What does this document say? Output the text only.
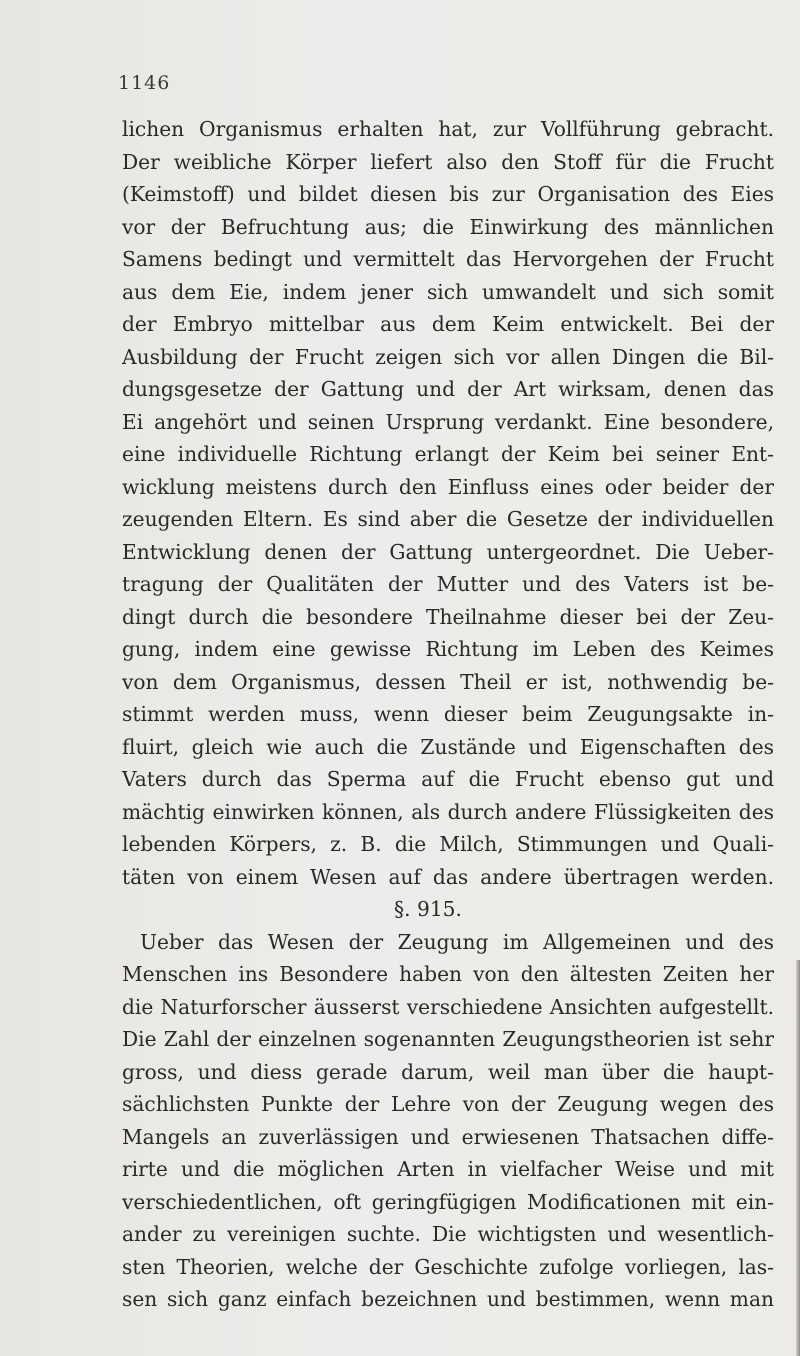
1146
lichen Organismus erhalten hat, zur Vollführung gebracht.
Der weibliche Körper liefert also den Stoff für die Frucht
(Keimstoff) und bildet diesen bis zur Organisation des Eies
vor der Befruchtung aus; die Einwirkung des männlichen
Samens bedingt und vermittelt das Hervorgehen der Frucht
aus dem Eie, indem jener sich umwandelt und sich somit
der Embryo mittelbar aus dem Keim entwickelt. Bei der
Ausbildung der Frucht zeigen sich vor allen Dingen die Bil-
dungsgesetze der Gattung und der Art wirksam, denen das
Ei angehört und seinen Ursprung verdankt. Eine besondere,
eine individuelle Richtung erlangt der Keim bei seiner Ent-
wicklung meistens durch den Einfluss eines oder beider der
zeugenden Eltern. Es sind aber die Gesetze der individuellen
Entwicklung denen der Gattung untergeordnet. Die Ueber-
tragung der Qualitäten der Mutter und des Vaters ist be-
dingt durch die besondere Theilnahme dieser bei der Zeu-
gung, indem eine gewisse Richtung im Leben des Keimes
von dem Organismus, dessen Theil er ist, nothwendig be-
stimmt werden muss, wenn dieser beim Zeugungsakte in-
fluirt, gleich wie auch die Zustände und Eigenschaften des
Vaters durch das Sperma auf die Frucht ebenso gut und
mächtig einwirken können, als durch andere Flüssigkeiten des
lebenden Körpers, z. B. die Milch, Stimmungen und Quali-
täten von einem Wesen auf das andere übertragen werden.
§. 915.
Ueber das Wesen der Zeugung im Allgemeinen und des
Menschen ins Besondere haben von den ältesten Zeiten her
die Naturforscher äusserst verschiedene Ansichten aufgestellt.
Die Zahl der einzelnen sogenannten Zeugungstheorien ist sehr
gross, und diess gerade darum, weil man über die haupt-
sächlichsten Punkte der Lehre von der Zeugung wegen des
Mangels an zuverlässigen und erwiesenen Thatsachen diffe-
rirte und die möglichen Arten in vielfacher Weise und mit
verschiedentlichen, oft geringfügigen Modificationen mit ein-
ander zu vereinigen suchte. Die wichtigsten und wesentlich-
sten Theorien, welche der Geschichte zufolge vorliegen, las-
sen sich ganz einfach bezeichnen und bestimmen, wenn man
